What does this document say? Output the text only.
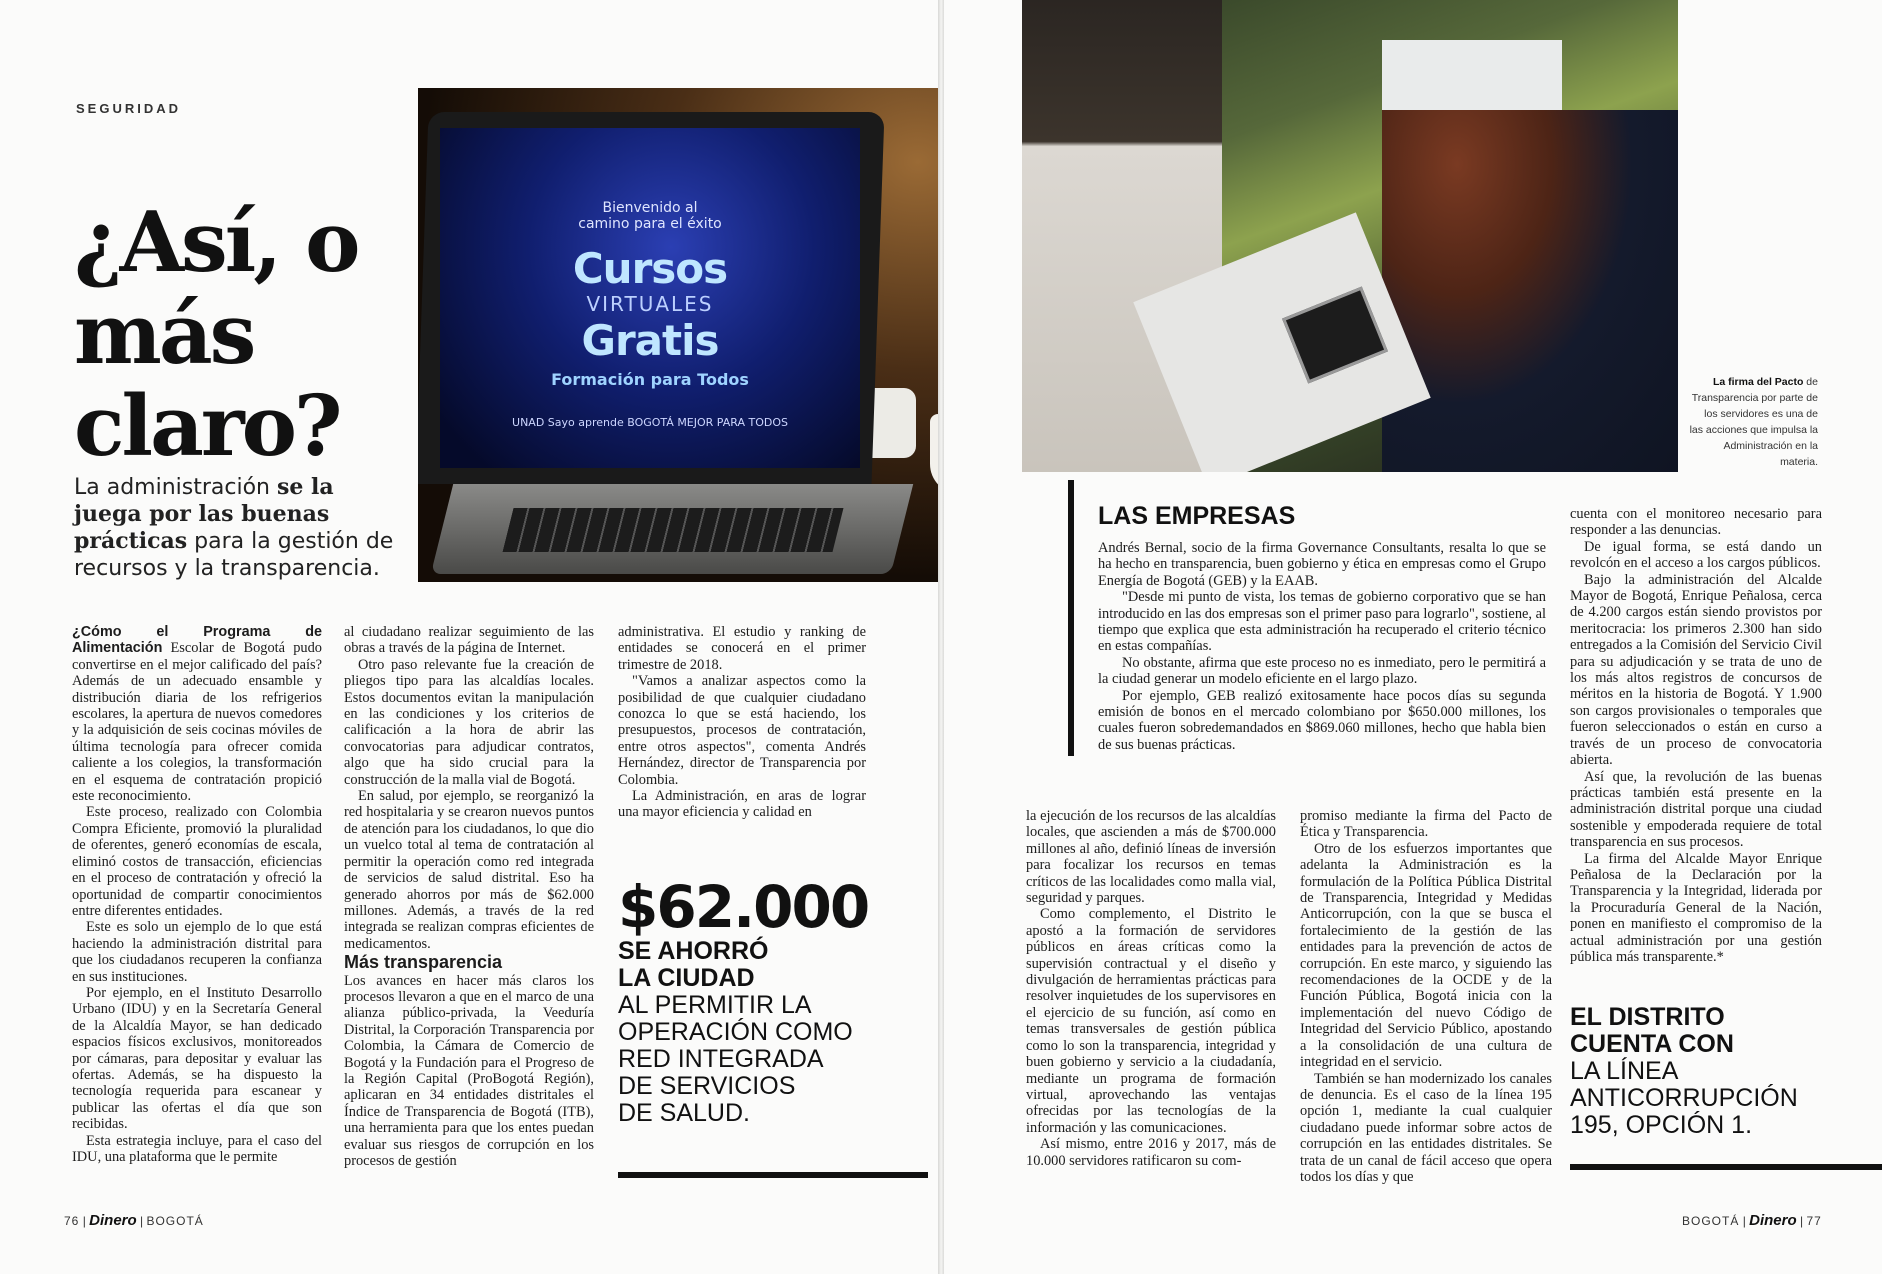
SEGURIDAD
¿Así, o más claro?
La administración se la juega por las buenas prácticas para la gestión de recursos y la transparencia.
Bienvenido al
camino para el éxito
Cursos
VIRTUALES
Gratis
Formación para Todos
UNAD Sayo aprende BOGOTÁ MEJOR PARA TODOS

¿Cómo el Programa de Alimentación Escolar de Bogotá pudo convertirse en el mejor calificado del país? Además de un adecuado ensamble y distribución diaria de los refrigerios escolares, la apertura de nuevos comedores y la adquisición de seis cocinas móviles de última tecnología para ofrecer comida caliente a los colegios, la transformación en el esquema de contratación propició este reconocimiento.

Este proceso, realizado con Colombia Compra Eficiente, promovió la pluralidad de oferentes, generó economías de escala, eliminó costos de transacción, eficiencias en el proceso de contratación y ofreció la oportunidad de compartir conocimientos entre diferentes entidades.

Este es solo un ejemplo de lo que está haciendo la administración distrital para que los ciudadanos recuperen la confianza en sus instituciones.

Por ejemplo, en el Instituto Desarrollo Urbano (IDU) y en la Secretaría General de la Alcaldía Mayor, se han dedicado espacios físicos exclusivos, monitoreados por cámaras, para depositar y evaluar las ofertas. Además, se ha dispuesto la tecnología requerida para escanear y publicar las ofertas el día que son recibidas.

Esta estrategia incluye, para el caso del IDU, una plataforma que le permite

al ciudadano realizar seguimiento de las obras a través de la página de Internet.

Otro paso relevante fue la creación de pliegos tipo para las alcaldías locales. Estos documentos evitan la manipulación en las condiciones y los criterios de calificación a la hora de abrir las convocatorias para adjudicar contratos, algo que ha sido crucial para la construcción de la malla vial de Bogotá.

En salud, por ejemplo, se reorganizó la red hospitalaria y se crearon nuevos puntos de atención para los ciudadanos, lo que dio un vuelco total al tema de contratación al permitir la operación como red integrada de servicios de salud distrital. Eso ha generado ahorros por más de $62.000 millones. Además, a través de la red integrada se realizan compras eficientes de medicamentos.

Más transparencia

Los avances en hacer más claros los procesos llevaron a que en el marco de una alianza público-privada, la Veeduría Distrital, la Corporación Transparencia por Colombia, la Cámara de Comercio de Bogotá y la Fundación para el Progreso de la Región Capital (ProBogotá Región), aplicaran en 34 entidades distritales el Índice de Transparencia de Bogotá (ITB), una herramienta para que los entes puedan evaluar sus riesgos de corrupción en los procesos de gestión

administrativa. El estudio y ranking de entidades se conocerá en el primer trimestre de 2018.

"Vamos a analizar aspectos como la posibilidad de que cualquier ciudadano conozca lo que se está haciendo, los presupuestos, procesos de contratación, entre otros aspectos", comenta Andrés Hernández, director de Transparencia por Colombia.

La Administración, en aras de lograr una mayor eficiencia y calidad en

$62.000
SE AHORRÓ
LA CIUDAD
AL PERMITIR LA
OPERACIÓN COMO
RED INTEGRADA
DE SERVICIOS
DE SALUD.
76 | Dinero | BOGOTÁ
La firma del Pacto de Transparencia por parte de los servidores es una de las acciones que impulsa la Administración en la materia.
LAS EMPRESAS

Andrés Bernal, socio de la firma Governance Consultants, resalta lo que se ha hecho en transparencia, buen gobierno y ética en empresas como el Grupo Energía de Bogotá (GEB) y la EAAB.

"Desde mi punto de vista, los temas de gobierno corporativo que se han introducido en las dos empresas son el primer paso para lograrlo", sostiene, al tiempo que explica que esta administración ha recuperado el criterio técnico en estas compañías.

No obstante, afirma que este proceso no es inmediato, pero le permitirá a la ciudad generar un modelo eficiente en el largo plazo.

Por ejemplo, GEB realizó exitosamente hace pocos días su segunda emisión de bonos en el mercado colombiano por $650.000 millones, los cuales fueron sobredemandados en $869.060 millones, hecho que habla bien de sus buenas prácticas.

la ejecución de los recursos de las alcaldías locales, que ascienden a más de $700.000 millones al año, definió líneas de inversión para focalizar los recursos en temas críticos de las localidades como malla vial, seguridad y parques.

Como complemento, el Distrito le apostó a la formación de servidores públicos en áreas críticas como la supervisión contractual y el diseño y divulgación de herramientas prácticas para resolver inquietudes de los supervisores en el ejercicio de su función, así como en temas transversales de gestión pública como lo son la transparencia, integridad y buen gobierno y servicio a la ciudadanía, mediante un programa de formación virtual, aprovechando las ventajas ofrecidas por las tecnologías de la información y las comunicaciones.

Así mismo, entre 2016 y 2017, más de 10.000 servidores ratificaron su com-

promiso mediante la firma del Pacto de Ética y Transparencia.

Otro de los esfuerzos importantes que adelanta la Administración es la formulación de la Política Pública Distrital de Transparencia, Integridad y Medidas Anticorrupción, con la que se busca el fortalecimiento de la gestión de las entidades para la prevención de actos de corrupción. En este marco, y siguiendo las recomendaciones de la OCDE y de la Función Pública, Bogotá inicia con la implementación del nuevo Código de Integridad del Servicio Público, apostando a la consolidación de una cultura de integridad en el servicio.

También se han modernizado los canales de denuncia. Es el caso de la línea 195 opción 1, mediante la cual cualquier ciudadano puede informar sobre actos de corrupción en las entidades distritales. Se trata de un canal de fácil acceso que opera todos los días y que

cuenta con el monitoreo necesario para responder a las denuncias.

De igual forma, se está dando un revolcón en el acceso a los cargos públicos.

Bajo la administración del Alcalde Mayor de Bogotá, Enrique Peñalosa, cerca de 4.200 cargos están siendo provistos por meritocracia: los primeros 2.300 han sido entregados a la Comisión del Servicio Civil para su adjudicación y se trata de uno de los más altos registros de concursos de méritos en la historia de Bogotá. Y 1.900 son cargos provisionales o temporales que fueron seleccionados o están en curso a través de un proceso de convocatoria abierta.

Así que, la revolución de las buenas prácticas también está presente en la administración distrital porque una ciudad sostenible y empoderada requiere de total transparencia en sus procesos.

La firma del Alcalde Mayor Enrique Peñalosa de la Declaración por la Transparencia y la Integridad, liderada por la Procuraduría General de la Nación, ponen en manifiesto el compromiso de la actual administración por una gestión pública más transparente.*

EL DISTRITO
CUENTA CON
LA LÍNEA
ANTICORRUPCIÓN
195, OPCIÓN 1.
BOGOTÁ | Dinero | 77
